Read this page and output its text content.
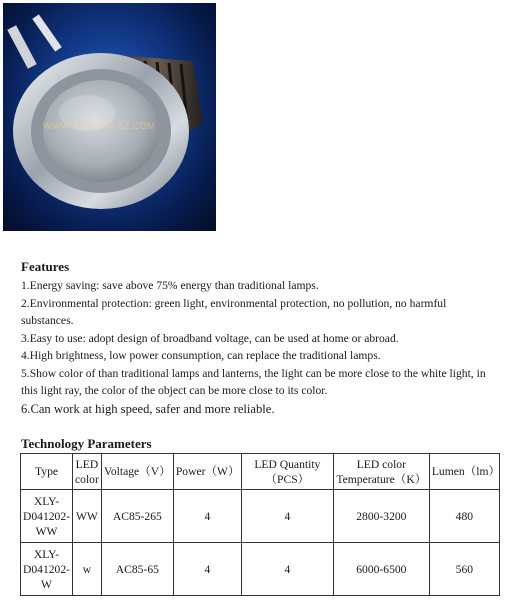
WWW.XYLIGHT-SZ.COM
Features

1.Energy saving: save above 75% energy than traditional lamps.

2.Environmental protection: green light, environmental protection, no pollution, no harmful substances.

3.Easy to use: adopt design of broadband voltage, can be used at home or abroad.

4.High brightness, low power consumption, can replace the traditional lamps.

5.Show color of than traditional lamps and lanterns, the light can be more close to the white light, in this light ray, the color of the object can be more close to its color.

6.Can work at high speed, safer and more reliable.

Technology Parameters
Type	LED color	Voltage（V）	Power（W）	LED Quantity（PCS）	LED color Temperature（K）	Lumen（lm）
XLY-D041202-WW	WW	AC85-265	4	4	2800-3200	480
XLY-D041202-W	w	AC85-65	4	4	6000-6500	560
